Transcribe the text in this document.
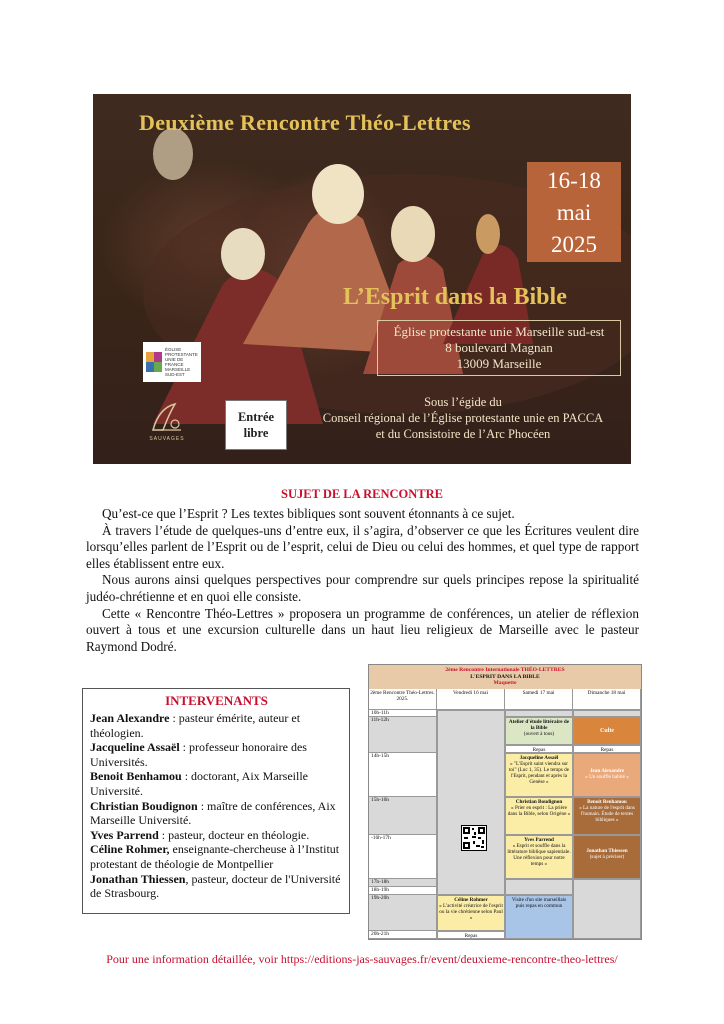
Deuxième Rencontre Théo-Lettres
16-18
mai
2025
L’Esprit dans la Bible
Église protestante unie Marseille sud-est
8 boulevard Magnan
13009 Marseille
ÉGLISE PROTESTANTE
UNIE DE FRANCE
MARSEILLE SUD-EST
SAUVAGES
Entrée
libre
Sous l’égide du
Conseil régional de l’Église protestante unie en PACCA
et du Consistoire de l’Arc Phocéen
SUJET DE LA RENCONTRE

Qu’est-ce que l’Esprit ? Les textes bibliques sont souvent étonnants à ce sujet.

À travers l’étude de quelques-uns d’entre eux, il s’agira, d’observer ce que les Écritures veulent dire lorsqu’elles parlent de l’Esprit ou de l’esprit, celui de Dieu ou celui des hommes, et quel type de rapport elles établissent entre eux.

Nous aurons ainsi quelques perspectives pour comprendre sur quels principes repose la spiritualité judéo-chrétienne et en quoi elle consiste.

Cette « Rencontre Théo-Lettres » proposera un programme de conférences, un atelier de réflexion ouvert à tous et une excursion culturelle dans un haut lieu religieux de Marseille avec le pasteur Raymond Dodré.

INTERVENANTS
Jean Alexandre : pasteur émérite, auteur et théologien.
Jacqueline Assaël : professeur honoraire des Universités.
Benoit Benhamou : doctorant, Aix Marseille Université.
Christian Boudignon : maître de conférences, Aix Marseille Université.
Yves Parrend : pasteur, docteur en théologie.
Céline Rohmer, enseignante-chercheuse à l’Institut protestant de théologie de Montpellier
Jonathan Thiessen, pasteur, docteur de l'Université de Strasbourg.
2ème Rencontre Internationale THÉO-LETTRES
L'ESPRIT DANS LA BIBLE
Maquette
2ème Rencontre Théo-Lettres. 2025.
Vendredi 16 mai	Samedi 17 mai	Dimanche 18 mai
10h-11h
11h-12h
14h-15h
15h-16h
-16h-17h
17h-18h
18h-19h
19h-20h
20h-21h
Céline Rohmer
« L'activité créatrice de l'esprit ou la vie chrétienne selon Paul »
Repas
Atelier d'étude littéraire de la Bible
(ouvert à tous)
Repas
Jacqueline Assaël
« "L'Esprit saint viendra sur toi" (Luc 1, 35). Le temps de l'Esprit, pendant et après la Genèse »
Christian Boudignon
« Prier en esprit : La prière dans la Bible, selon Origène »
Yves Parrend
« Esprit et souffle dans la littérature biblique sapientiale. Une réflexion pour notre temps »
Visite d'un site marseillais puis repas en commun
Culte
Repas
Jean Alexandre
« Un souffle habité »
Benoit Benhamou
« La nature de l'esprit dans l'humain. Étude de textes bibliques »
Jonathan Thiessen
(sujet à préciser)
Pour une information détaillée, voir https://editions-jas-sauvages.fr/event/deuxieme-rencontre-theo-lettres/
